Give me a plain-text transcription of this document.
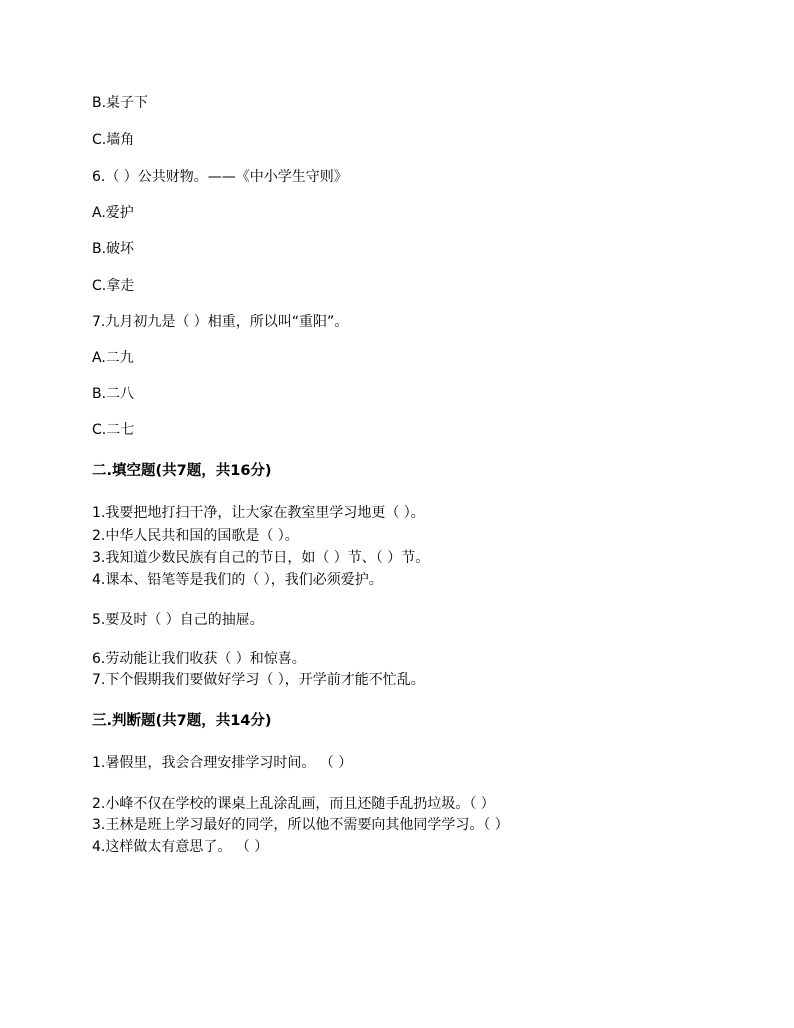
B.桌子下
C.墙角
6.（ ）公共财物。——《中小学生守则》
A.爱护
B.破坏
C.拿走
7.九月初九是（ ）相重，所以叫“重阳”。
A.二九
B.二八
C.二七
二.填空题(共7题，共16分)
1.我要把地打扫干净，让大家在教室里学习地更（ ）。
2.中华人民共和国的国歌是（ ）。
3.我知道少数民族有自己的节日，如（ ）节、（ ）节。
4.课本、铅笔等是我们的（ ），我们必须爱护。
5.要及时（ ）自己的抽屉。
6.劳动能让我们收获（ ）和惊喜。
7.下个假期我们要做好学习（ ），开学前才能不忙乱。
三.判断题(共7题，共14分)
1.暑假里，我会合理安排学习时间。 （ ）
2.小峰不仅在学校的课桌上乱涂乱画，而且还随手乱扔垃圾。（ ）
3.王林是班上学习最好的同学，所以他不需要向其他同学学习。（ ）
4.这样做太有意思了。 （ ）
